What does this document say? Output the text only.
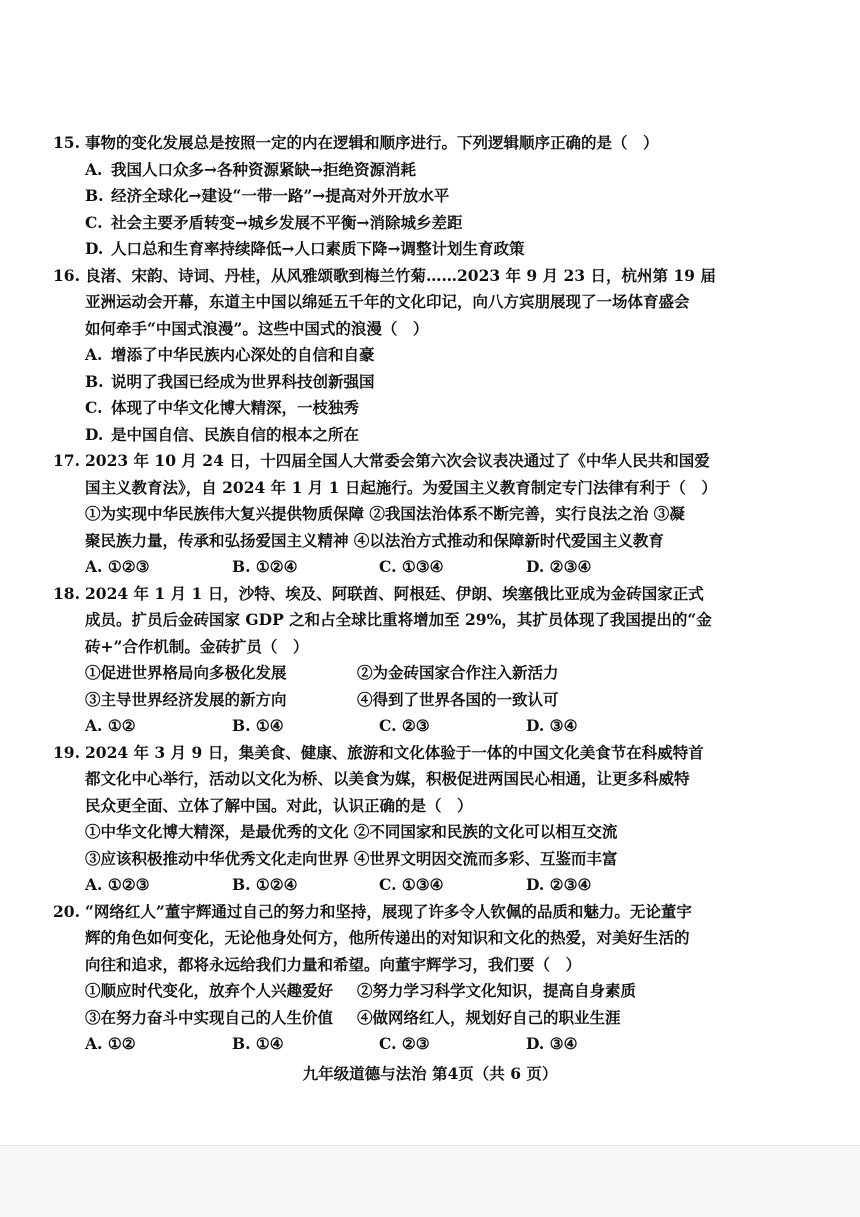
15. 事物的变化发展总是按照一定的内在逻辑和顺序进行。下列逻辑顺序正确的是（　）
A. 我国人口众多→各种资源紧缺→拒绝资源消耗
B. 经济全球化→建设“一带一路”→提高对外开放水平
C. 社会主要矛盾转变→城乡发展不平衡→消除城乡差距
D. 人口总和生育率持续降低→人口素质下降→调整计划生育政策
16. 良渚、宋韵、诗词、丹桂，从风雅颂歌到梅兰竹菊……2023 年 9 月 23 日，杭州第 19 届
亚洲运动会开幕，东道主中国以绵延五千年的文化印记，向八方宾朋展现了一场体育盛会
如何牵手“中国式浪漫”。这些中国式的浪漫（　）
A. 增添了中华民族内心深处的自信和自豪
B. 说明了我国已经成为世界科技创新强国
C. 体现了中华文化博大精深，一枝独秀
D. 是中国自信、民族自信的根本之所在
17. 2023 年 10 月 24 日，十四届全国人大常委会第六次会议表决通过了《中华人民共和国爱
国主义教育法》，自 2024 年 1 月 1 日起施行。为爱国主义教育制定专门法律有利于（　）
①为实现中华民族伟大复兴提供物质保障 ②我国法治体系不断完善，实行良法之治 ③凝
聚民族力量，传承和弘扬爱国主义精神 ④以法治方式推动和保障新时代爱国主义教育
A. ①②③	B. ①②④	C. ①③④	D. ②③④
18. 2024 年 1 月 1 日，沙特、埃及、阿联酋、阿根廷、伊朗、埃塞俄比亚成为金砖国家正式
成员。扩员后金砖国家 GDP 之和占全球比重将增加至 29%，其扩员体现了我国提出的“金
砖+”合作机制。金砖扩员（　）
①促进世界格局向多极化发展	②为金砖国家合作注入新活力
③主导世界经济发展的新方向	④得到了世界各国的一致认可
A. ①②	B. ①④	C. ②③	D. ③④
19. 2024 年 3 月 9 日，集美食、健康、旅游和文化体验于一体的中国文化美食节在科威特首
都文化中心举行，活动以文化为桥、以美食为媒，积极促进两国民心相通，让更多科威特
民众更全面、立体了解中国。对此，认识正确的是（　）
①中华文化博大精深，是最优秀的文化 ②不同国家和民族的文化可以相互交流
③应该积极推动中华优秀文化走向世界 ④世界文明因交流而多彩、互鉴而丰富
A. ①②③	B. ①②④	C. ①③④	D. ②③④
20. “网络红人”董宇辉通过自己的努力和坚持，展现了许多令人钦佩的品质和魅力。无论董宇
辉的角色如何变化，无论他身处何方，他所传递出的对知识和文化的热爱，对美好生活的
向往和追求，都将永远给我们力量和希望。向董宇辉学习，我们要（　）
①顺应时代变化，放弃个人兴趣爱好 ②努力学习科学文化知识，提高自身素质
③在努力奋斗中实现自己的人生价值 ④做网络红人，规划好自己的职业生涯
A. ①②	B. ①④	C. ②③	D. ③④
九年级道德与法治 第4页（共 6 页）
